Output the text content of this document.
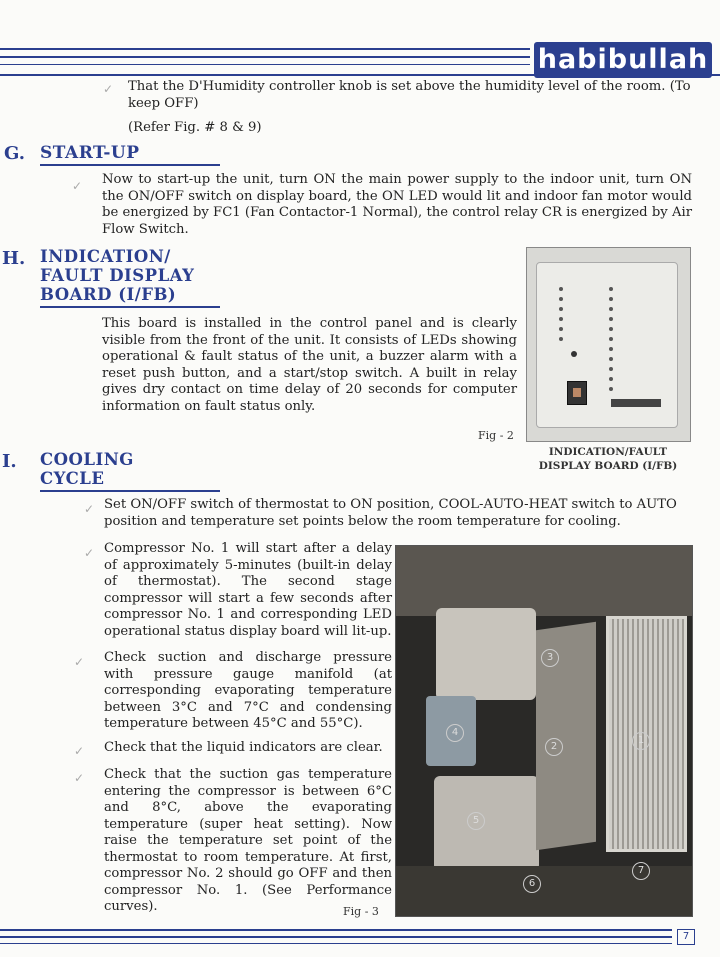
habibullah
✓ That the D'Humidity controller knob is set above the humidity level of the room. (To keep OFF)
(Refer Fig. # 8 & 9)
G. START-UP
✓ Now to start-up the unit, turn ON the main power supply to the indoor unit, turn ON the ON/OFF switch on display board, the ON LED would lit and indoor fan motor would be energized by FC1 (Fan Contactor-1 Normal), the control relay CR is energized by Air Flow Switch.
H. INDICATION/
FAULT DISPLAY
BOARD (I/FB)
This board is installed in the control panel and is clearly visible from the front of the unit. It consists of LEDs showing operational & fault status of the unit, a buzzer alarm with a reset push button, and a start/stop switch. A built in relay gives dry contact on time delay of 20 seconds for computer information on fault status only.
Fig - 2
INDICATION/FAULT
DISPLAY BOARD (I/FB)
I. COOLING
CYCLE
✓ Set ON/OFF switch of thermostat to ON position, COOL-AUTO-HEAT switch to AUTO position and temperature set points below the room temperature for cooling.
✓ Compressor No. 1 will start after a delay of approximately 5-minutes (built-in delay of thermostat). The second stage compressor will start a few seconds after compressor No. 1 and corresponding LED operational status display board will lit-up.
✓ Check suction and discharge pressure with pressure gauge manifold (at corresponding evaporating temperature between 3°C and 7°C and condensing temperature between 45°C and 55°C).
✓ Check that the liquid indicators are clear.
✓ Check that the suction gas temperature entering the compressor is between 6°C and 8°C, above the evaporating temperature (super heat setting). Now raise the temperature set point of the thermostat to room temperature. At first, compressor No. 2 should go OFF and then compressor No. 1. (See Performance curves).
1
2
3
4
5
6
7
Fig - 3
7
